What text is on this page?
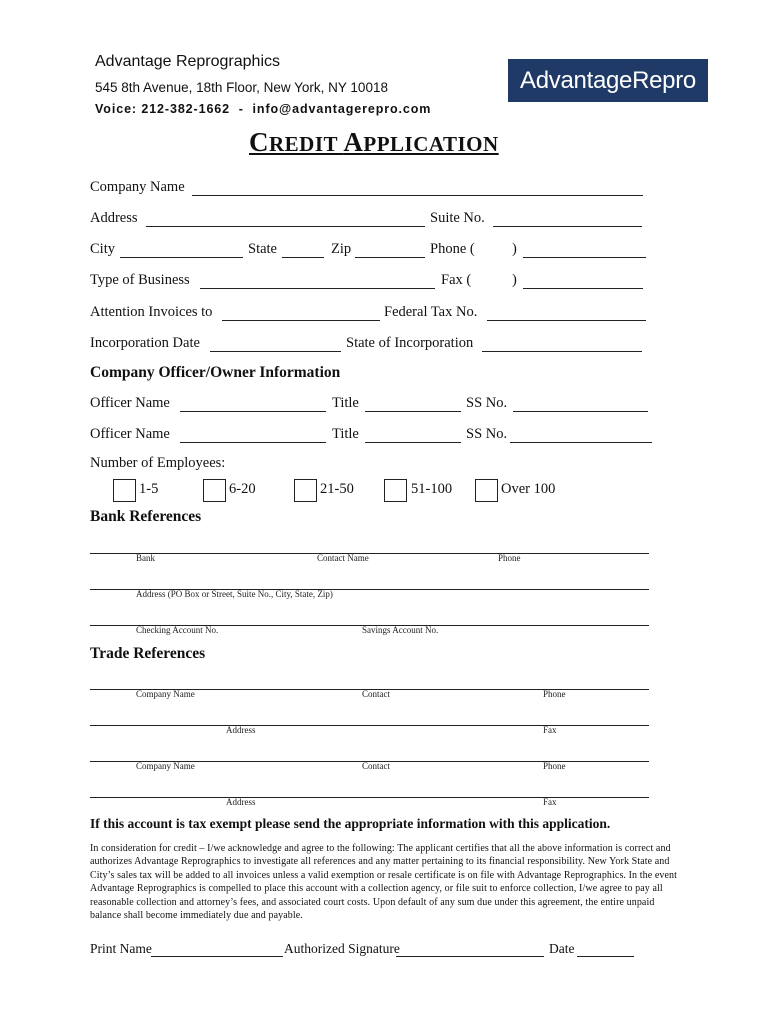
Advantage Reprographics
545 8th Avenue, 18th Floor, New York, NY 10018
Voice: 212-382-1662  -  info@advantagerepro.com
AdvantageRepro
CREDIT APPLICATION
Company Name
Address	Suite No.
City	State	Zip	Phone (	)
Type of Business	Fax (	)
Attention Invoices to	Federal Tax No.
Incorporation Date	State of Incorporation
Company Officer/Owner Information
Officer Name	Title	SS No.
Officer Name	Title	SS No.
Number of Employees:
1-5	6-20	21-50	51-100	Over 100
Bank References
Bank	Contact Name	Phone
Address (PO Box or Street, Suite No., City, State, Zip)
Checking Account No.	Savings Account No.
Trade References
Company Name	Contact	Phone
Address	Fax
Company Name	Contact	Phone
Address	Fax
If this account is tax exempt please send the appropriate information with this application.
In consideration for credit – I/we acknowledge and agree to the following: The applicant certifies that all the above information is correct and authorizes Advantage Reprographics to investigate all references and any matter pertaining to its financial responsibility. New York State and City’s sales tax will be added to all invoices unless a valid exemption or resale certificate is on file with Advantage Reprographics. In the event Advantage Reprographics is compelled to place this account with a collection agency, or file suit to enforce collection, I/we agree to pay all reasonable collection and attorney’s fees, and associated court costs. Upon default of any sum due under this agreement, the entire unpaid balance shall become immediately due and payable.
Print Name	Authorized Signature	Date
